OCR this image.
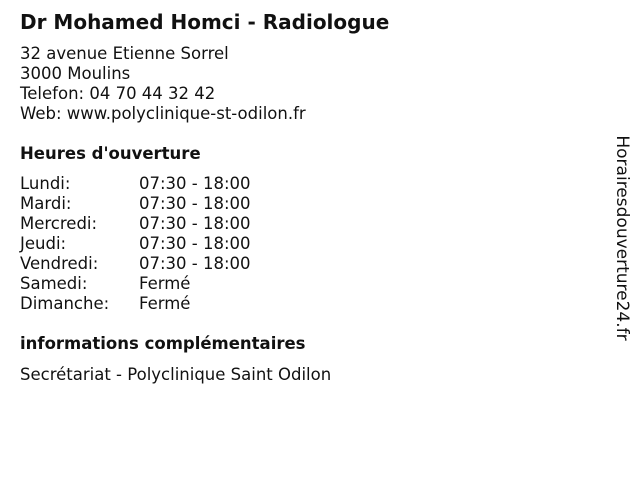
Dr Mohamed Homci - Radiologue
32 avenue Etienne Sorrel
3000 Moulins
Telefon: 04 70 44 32 42
Web: www.polyclinique-st-odilon.fr
Heures d'ouverture
Lundi:	07:30 - 18:00
Mardi:	07:30 - 18:00
Mercredi:	07:30 - 18:00
Jeudi:	07:30 - 18:00
Vendredi: 07:30 - 18:00
Samedi:	Fermé
Dimanche: Fermé
informations complémentaires
Secrétariat - Polyclinique Saint Odilon
Horairesdouverture24.fr
